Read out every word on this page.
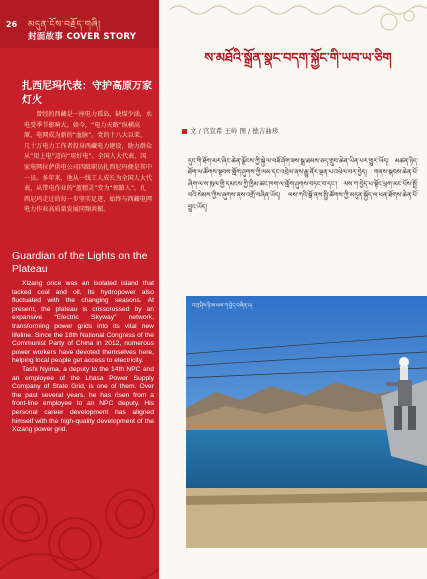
26 མདུན་ངོས་བརྗོད་གཞི།
封面故事 COVER STORY
扎西尼玛代表：守护高原万家灯火
曾经的西藏是一座电力孤岛，缺煤少油，水电受季节影响大。如今，“电力天路”纵横高原，电网成为新的“血脉”。党的十八大以来，几十万电力工作者投身西藏电力建设，助力群众从“用上电”迈向“用好电”。全国人大代表、国家电网拉萨供电公司四级职员扎西尼玛便是其中一员。多年来，他从一线工人成长为全国人大代表，从带电作业的“蓝精灵”变为“领路人”。扎西尼玛走过的每一步坚实足迹，始终与西藏电网电力作业高质量发展同频共振。
Guardian of the Lights on the Plateau

Xizang once was an isolated island that lacked coal and oil. Its hydropower also fluctuated with the changing seasons. At present, the plateau is crisscrossed by an expansive “Electric Skyway” network, transforming power grids into its vital new lifeline. Since the 18th National Congress of the Communist Party of China in 2012, numerous power workers have devoted themselves here, helping local people get access to electricity.

Tashi Nyima, a deputy to the 14th NPC and an employee of the Lhasa Power Supply Company of State Grid, is one of them. Over the past several years, he has risen from a front-line employee to an NPC deputy. His personal career development has aligned himself with the high-quality development of the Xizang power grid.

ས་མཐོའི་སྒྲོན་སྣང་བདག་སྐྱོང་གི་ཡབ་ཡ་ཅིག
文 / 宫宣希 王岭 图 / 德吉曲珍
དུང་གི་ཐོག་མར་ཞིང་ཆེན་ལྗོངས་ཀྱི་སྐྱེ་ལ་བཟོ་ཤོག་ཟས་སྒྲ་ཐམས་ཅད་གྲུབ་ཆེན་ཡིན་པར་གྱུར་ཡོད། མཚན་ཉིད་ཐོག་ལ་ཚོགས་སྟབས་གློག་ཤུགས་ཀྱི་ལམ་དང་འབྲེལ་ནས་རྒྱུ་ནོར་ལྡན་པ་འཕེལ་བར་བྱེད། གནས་སྐབས་ཆེན་པོ་ཞིག་ལ་ས་ཁུལ་གྱི་དམངས་ཀྱི་ཁྱིམ་ཚང་ཁག་ལ་གློག་ཤུགས་བཏང་བ་དང་། ལས་ཀ་བྱེད་པ་སྟོང་ཕྲག་མང་པོས་སྤྲོ་བའི་སེམས་ཀྱིས་ཞུགས་ནས་འགྲོ་བཞིན་ཡོད། ལས་ཀའི་སྒོ་ནས་སྤྱི་ཚོགས་ཀྱི་མདུན་སྐྱོད་ལ་ཕན་ཐོགས་ཆེན་པོ་བྱུང་ཡོད།
བཀྲ་ཤིས་ཉི་མ་ལས་ཀ་བྱེད་བཞིན་པ།
